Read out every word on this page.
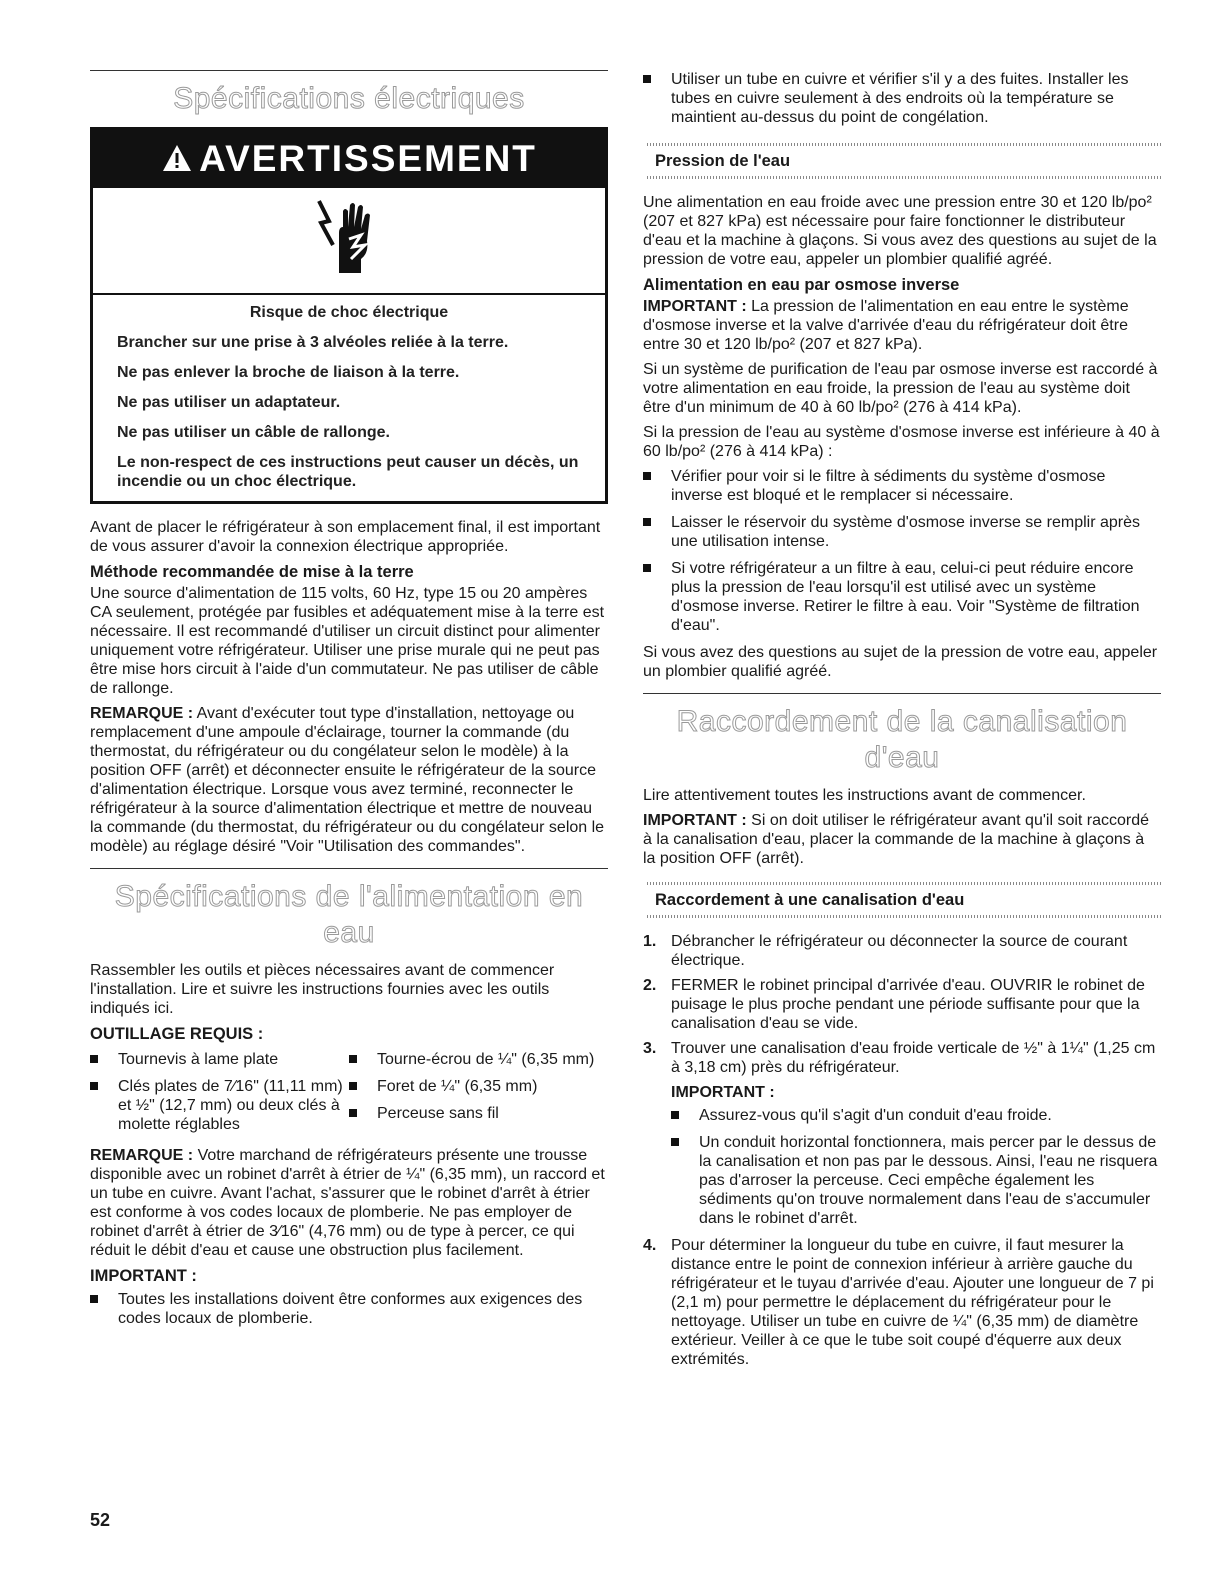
Spécifications électriques
AVERTISSEMENT

Risque de choc électrique

Brancher sur une prise à 3 alvéoles reliée à la terre.

Ne pas enlever la broche de liaison à la terre.

Ne pas utiliser un adaptateur.

Ne pas utiliser un câble de rallonge.

Le non-respect de ces instructions peut causer un décès, un incendie ou un choc électrique.

Avant de placer le réfrigérateur à son emplacement final, il est important de vous assurer d'avoir la connexion électrique appropriée.

Méthode recommandée de mise à la terre

Une source d'alimentation de 115 volts, 60 Hz, type 15 ou 20 ampères CA seulement, protégée par fusibles et adéquatement mise à la terre est nécessaire. Il est recommandé d'utiliser un circuit distinct pour alimenter uniquement votre réfrigérateur. Utiliser une prise murale qui ne peut pas être mise hors circuit à l'aide d'un commutateur. Ne pas utiliser de câble de rallonge.

REMARQUE : Avant d'exécuter tout type d'installation, nettoyage ou remplacement d'une ampoule d'éclairage, tourner la commande (du thermostat, du réfrigérateur ou du congélateur selon le modèle) à la position OFF (arrêt) et déconnecter ensuite le réfrigérateur de la source d'alimentation électrique. Lorsque vous avez terminé, reconnecter le réfrigérateur à la source d'alimentation électrique et mettre de nouveau la commande (du thermostat, du réfrigérateur ou du congélateur selon le modèle) au réglage désiré "Voir "Utilisation des commandes".

Spécifications de l'alimentation en eau

Rassembler les outils et pièces nécessaires avant de commencer l'installation. Lire et suivre les instructions fournies avec les outils indiqués ici.

OUTILLAGE REQUIS :
Tournevis à lame plate
Clés plates de 7⁄16" (11,11 mm) et ½" (12,7 mm) ou deux clés à molette réglables
Tourne-écrou de ¼" (6,35 mm)
Foret de ¼" (6,35 mm)
Perceuse sans fil

REMARQUE : Votre marchand de réfrigérateurs présente une trousse disponible avec un robinet d'arrêt à étrier de ¼" (6,35 mm), un raccord et un tube en cuivre. Avant l'achat, s'assurer que le robinet d'arrêt à étrier est conforme à vos codes locaux de plomberie. Ne pas employer de robinet d'arrêt à étrier de 3⁄16" (4,76 mm) ou de type à percer, ce qui réduit le débit d'eau et cause une obstruction plus facilement.

IMPORTANT :
Toutes les installations doivent être conformes aux exigences des codes locaux de plomberie.
Utiliser un tube en cuivre et vérifier s'il y a des fuites. Installer les tubes en cuivre seulement à des endroits où la température se maintient au-dessus du point de congélation.
Pression de l'eau

Une alimentation en eau froide avec une pression entre 30 et 120 lb/po² (207 et 827 kPa) est nécessaire pour faire fonctionner le distributeur d'eau et la machine à glaçons. Si vous avez des questions au sujet de la pression de votre eau, appeler un plombier qualifié agréé.

Alimentation en eau par osmose inverse

IMPORTANT : La pression de l'alimentation en eau entre le système d'osmose inverse et la valve d'arrivée d'eau du réfrigérateur doit être entre 30 et 120 lb/po² (207 et 827 kPa).

Si un système de purification de l'eau par osmose inverse est raccordé à votre alimentation en eau froide, la pression de l'eau au système doit être d'un minimum de 40 à 60 lb/po² (276 à 414 kPa).

Si la pression de l'eau au système d'osmose inverse est inférieure à 40 à 60 lb/po² (276 à 414 kPa) :

Vérifier pour voir si le filtre à sédiments du système d'osmose inverse est bloqué et le remplacer si nécessaire.
Laisser le réservoir du système d'osmose inverse se remplir après une utilisation intense.
Si votre réfrigérateur a un filtre à eau, celui-ci peut réduire encore plus la pression de l'eau lorsqu'il est utilisé avec un système d'osmose inverse. Retirer le filtre à eau. Voir "Système de filtration d'eau".

Si vous avez des questions au sujet de la pression de votre eau, appeler un plombier qualifié agréé.

Raccordement de la canalisation d'eau

Lire attentivement toutes les instructions avant de commencer.

IMPORTANT : Si on doit utiliser le réfrigérateur avant qu'il soit raccordé à la canalisation d'eau, placer la commande de la machine à glaçons à la position OFF (arrêt).

Raccordement à une canalisation d'eau
1. Débrancher le réfrigérateur ou déconnecter la source de courant électrique.
2. FERMER le robinet principal d'arrivée d'eau. OUVRIR le robinet de puisage le plus proche pendant une période suffisante pour que la canalisation d'eau se vide.
3. Trouver une canalisation d'eau froide verticale de ½" à 1¼" (1,25 cm à 3,18 cm) près du réfrigérateur.
IMPORTANT :
Assurez-vous qu'il s'agit d'un conduit d'eau froide.
Un conduit horizontal fonctionnera, mais percer par le dessus de la canalisation et non pas par le dessous. Ainsi, l'eau ne risquera pas d'arroser la perceuse. Ceci empêche également les sédiments qu'on trouve normalement dans l'eau de s'accumuler dans le robinet d'arrêt.
4. Pour déterminer la longueur du tube en cuivre, il faut mesurer la distance entre le point de connexion inférieur à arrière gauche du réfrigérateur et le tuyau d'arrivée d'eau. Ajouter une longueur de 7 pi (2,1 m) pour permettre le déplacement du réfrigérateur pour le nettoyage. Utiliser un tube en cuivre de ¼" (6,35 mm) de diamètre extérieur. Veiller à ce que le tube soit coupé d'équerre aux deux extrémités.
52
